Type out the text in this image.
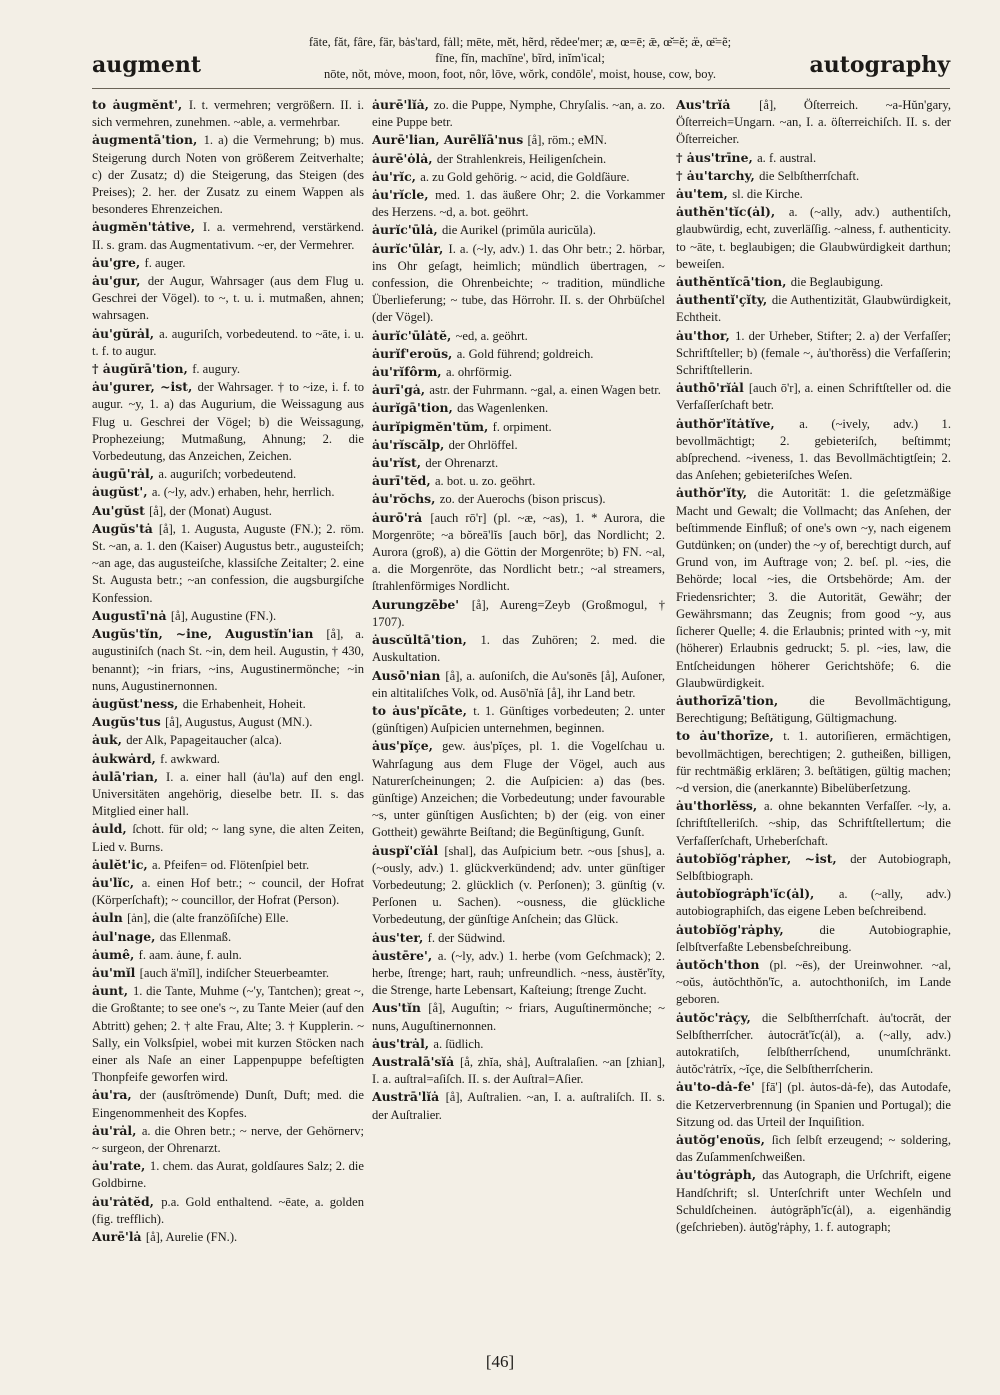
augment
fāte, făt, fâre, fär, bȧs'tard, fȧll; mēte, mĕt, hẽrd, rĕdee'mer; æ, œ=ē; ǣ, œ̆=ĕ; æ̈, œ̈=ẽ;
fīne, fĭn, machīne', bĩrd, inĭm'ical;
nōte, nŏt, mȯve, moon, foot, nôr, lōve, wŏrk, condōle', moist, house, cow, boy.	autography

to ȧugmĕnt', I. t. vermehren; vergrößern. II. i. sich vermehren, zunehmen. ~able, a. vermehrbar.

ȧugmentā'tion, 1. a) die Vermehrung; b) mus. Steigerung durch Noten von größerem Zeitverhalte; c) der Zusatz; d) die Steigerung, das Steigen (des Preises); 2. her. der Zusatz zu einem Wappen als besonderes Ehrenzeichen.

ȧugmĕn'tȧtive, I. a. vermehrend, verstärkend. II. s. gram. das Augmentativum. ~er, der Vermehrer.

ȧu'gre, f. auger.

ȧu'gur, der Augur, Wahrsager (aus dem Flug u. Geschrei der Vögel). to ~, t. u. i. mutmaßen, ahnen; wahrsagen.

ȧu'gŭrȧl, a. auguriſch, vorbedeutend. to ~āte, i. u. t. f. to augur.

† ȧugŭrā'tion, f. augury.

ȧu'gurer, ~ist, der Wahrsager. † to ~ize, i. f. to augur. ~y, 1. a) das Augurium, die Weissagung aus Flug u. Geschrei der Vögel; b) die Weissagung, Prophezeiung; Mutmaßung, Ahnung; 2. die Vorbedeutung, das Anzeichen, Zeichen.

ȧugū'rȧl, a. auguriſch; vorbedeutend.

ȧugŭst', a. (~ly, adv.) erhaben, hehr, herrlich.

Au'gŭst [å], der (Monat) August.

Augŭs'tȧ [å], 1. Augusta, Auguste (FN.); 2. röm. St. ~an, a. 1. den (Kaiser) Augustus betr., augusteiſch; ~an age, das augusteiſche, klassiſche Zeitalter; 2. eine St. Augusta betr.; ~an confession, die augsburgiſche Konfession.

Augustī'nȧ [å], Augustine (FN.).

Augŭs'tĭn, ~ine, Augustĭn'ian [å], a. augustiniſch (nach St. ~in, dem heil. Augustin, † 430, benannt); ~in friars, ~ins, Augustinermönche; ~in nuns, Augustinernonnen.

ȧugŭst'ness, die Erhabenheit, Hoheit.

Augŭs'tus [å], Augustus, August (MN.).

ȧuk, der Alk, Papageitaucher (alca).

ȧukwȧrd, f. awkward.

ȧulā'rian, I. a. einer hall (ȧu'la) auf den engl. Universitäten angehörig, dieselbe betr. II. s. das Mitglied einer hall.

ȧuld, ſchott. für old; ~ lang syne, die alten Zeiten, Lied v. Burns.

ȧulĕt'ic, a. Pfeifen= od. Flötenſpiel betr.

ȧu'lĭc, a. einen Hof betr.; ~ council, der Hofrat (Körperſchaft); ~ councillor, der Hofrat (Person).

ȧuln [ȧn], die (alte franzöſiſche) Elle.

ȧul'nage, das Ellenmaß.

ȧumê, f. aam. ȧune, f. auln.

ȧu'mĭl [auch ä'mĭl], indiſcher Steuerbeamter.

ȧunt, 1. die Tante, Muhme (~'y, Tantchen); great ~, die Großtante; to see one's ~, zu Tante Meier (auf den Abtritt) gehen; 2. † alte Frau, Alte; 3. † Kupplerin. ~ Sally, ein Volksſpiel, wobei mit kurzen Stöcken nach einer als Naſe an einer Lappenpuppe befeſtigten Thonpfeife geworfen wird.

ȧu'ra, der (ausſtrömende) Dunſt, Duft; med. die Eingenommenheit des Kopfes.

ȧu'rȧl, a. die Ohren betr.; ~ nerve, der Gehörnerv; ~ surgeon, der Ohrenarzt.

ȧu'rate, 1. chem. das Aurat, goldſaures Salz; 2. die Goldbirne.

ȧu'rȧtĕd, p.a. Gold enthaltend. ~ēate, a. golden (fig. trefflich).

Aurē'lȧ [å], Aurelie (FN.).

ȧurē'lĭȧ, zo. die Puppe, Nymphe, Chryſalis. ~an, a. zo. eine Puppe betr.

Aurē'lian, Aurēlĭā'nus [å], röm.; eMN.

ȧurē'ȯlȧ, der Strahlenkreis, Heiligenſchein.

ȧu'rĭc, a. zu Gold gehörig. ~ acid, die Goldſäure.

ȧu'rĭcle, med. 1. das äußere Ohr; 2. die Vorkammer des Herzens. ~d, a. bot. geöhrt.

ȧurĭc'ūlȧ, die Aurikel (primŭla auricŭla).

ȧurĭc'ūlȧr, I. a. (~ly, adv.) 1. das Ohr betr.; 2. hörbar, ins Ohr geſagt, heimlich; mündlich übertragen, ~ confession, die Ohrenbeichte; ~ tradition, mündliche Überlieferung; ~ tube, das Hörrohr. II. s. der Ohrbüſchel (der Vögel).

ȧurĭc'ūlȧtĕ, ~ed, a. geöhrt.

ȧurĭf'eroŭs, a. Gold führend; goldreich.

ȧu'rĭfôrm, a. ohrförmig.

ȧurī'gȧ, astr. der Fuhrmann. ~gal, a. einen Wagen betr.

ȧurĭgā'tion, das Wagenlenken.

ȧurĭpigmĕn'tŭm, f. orpiment.

ȧu'rĭscălp, der Ohrlöffel.

ȧu'rĭst, der Ohrenarzt.

ȧurī'tĕd, a. bot. u. zo. geöhrt.

ȧu'rŏchs, zo. der Auerochs (bison priscus).

ȧurō'rȧ [auch rō'r] (pl. ~æ, ~as), 1. * Aurora, die Morgenröte; ~a bŏreā'lĭs [auch bōr], das Nordlicht; 2. Aurora (groß), a) die Göttin der Morgenröte; b) FN. ~al, a. die Morgenröte, das Nordlicht betr.; ~al streamers, ſtrahlenförmiges Nordlicht.

Aurungzēbe' [å], Aureng=Zeyb (Großmogul, † 1707).

ȧuscŭltā'tion, 1. das Zuhören; 2. med. die Auskultation.

Ausō'nian [å], a. auſoniſch, die Au'sonēs [å], Auſoner, ein altitaliſches Volk, od. Ausō'nĭȧ [å], ihr Land betr.

to ȧus'pĭcāte, t. 1. Günſtiges vorbedeuten; 2. unter (günſtigen) Auſpicien unternehmen, beginnen.

ȧus'pĭçe, gew. ȧus'pĭçes, pl. 1. die Vogelſchau u. Wahrſagung aus dem Fluge der Vögel, auch aus Naturerſcheinungen; 2. die Auſpicien: a) das (bes. günſtige) Anzeichen; die Vorbedeutung; under favourable ~s, unter günſtigen Ausſichten; b) der (eig. von einer Gottheit) gewährte Beiſtand; die Begünſtigung, Gunſt.

ȧuspĭ'cĭȧl [shal], das Auſpicium betr. ~ous [shus], a. (~ously, adv.) 1. glückverkündend; adv. unter günſtiger Vorbedeutung; 2. glücklich (v. Perſonen); 3. günſtig (v. Perſonen u. Sachen). ~ousness, die glückliche Vorbedeutung, der günſtige Anſchein; das Glück.

ȧus'ter, f. der Südwind.

ȧustēre', a. (~ly, adv.) 1. herbe (vom Geſchmack); 2. herbe, ſtrenge; hart, rauh; unfreundlich. ~ness, ȧustĕr'ĭty, die Strenge, harte Lebensart, Kaſteiung; ſtrenge Zucht.

Aus'tĭn [å], Auguſtin; ~ friars, Auguſtinermönche; ~ nuns, Auguſtinernonnen.

ȧus'trȧl, a. ſüdlich.

Australā'sĭȧ [å, zhĭa, shȧ], Auſtralaſien. ~an [zhian], I. a. auſtral=aſiſch. II. s. der Auſtral=Aſier.

Austrā'lĭȧ [å], Auſtralien. ~an, I. a. auſtraliſch. II. s. der Auſtralier.

Aus'trĭȧ [å], Öſterreich. ~a-Hŭn'gary, Öſterreich=Ungarn. ~an, I. a. öſterreichiſch. II. s. der Öſterreicher.

† ȧus'trīne, a. f. austral.

† ȧu'tarchy, die Selbſtherrſchaft.

ȧu'tem, sl. die Kirche.

ȧuthĕn'tĭc(ȧl), a. (~ally, adv.) authentiſch, glaubwürdig, echt, zuverläſſig. ~alness, f. authenticity. to ~āte, t. beglaubigen; die Glaubwürdigkeit darthun; beweiſen.

ȧuthĕntĭcā'tion, die Beglaubigung.

ȧuthentĭ'çĭty, die Authentizität, Glaubwürdigkeit, Echtheit.

ȧu'thor, 1. der Urheber, Stifter; 2. a) der Verfaſſer; Schriftſteller; b) (female ~, ȧu'thorĕss) die Verfaſſerin; Schriftſtellerin.

ȧuthō'rĭȧl [auch ō'r], a. einen Schriftſteller od. die Verfaſſerſchaft betr.

ȧuthŏr'ĭtȧtĭve, a. (~ively, adv.) 1. bevollmächtigt; 2. gebieteriſch, beſtimmt; abſprechend. ~iveness, 1. das Bevollmächtigtſein; 2. das Anſehen; gebieteriſches Weſen.

ȧuthŏr'ĭty, die Autorität: 1. die geſetzmäßige Macht und Gewalt; die Vollmacht; das Anſehen, der beſtimmende Einfluß; of one's own ~y, nach eigenem Gutdünken; on (under) the ~y of, berechtigt durch, auf Grund von, im Auftrage von; 2. beſ. pl. ~ies, die Behörde; local ~ies, die Ortsbehörde; Am. der Friedensrichter; 3. die Autorität, Gewähr; der Gewährsmann; das Zeugnis; from good ~y, aus ſicherer Quelle; 4. die Erlaubnis; printed with ~y, mit (höherer) Erlaubnis gedruckt; 5. pl. ~ies, law, die Entſcheidungen höherer Gerichtshöfe; 6. die Glaubwürdigkeit.

ȧuthorīzā'tion, die Bevollmächtigung, Berechtigung; Beſtätigung, Gültigmachung.

to ȧu'thorīze, t. 1. autoriſieren, ermächtigen, bevollmächtigen, berechtigen; 2. gutheißen, billigen, für rechtmäßig erklären; 3. beſtätigen, gültig machen; ~d version, die (anerkannte) Bibelüberſetzung.

ȧu'thorlĕss, a. ohne bekannten Verfaſſer. ~ly, a. ſchriftſtelleriſch. ~ship, das Schriftſtellertum; die Verfaſſerſchaft, Urheberſchaft.

ȧutobĭŏg'rȧpher, ~ist, der Autobiograph, Selbſtbiograph.

ȧutobĭogrȧph'ĭc(ȧl), a. (~ally, adv.) autobiographiſch, das eigene Leben beſchreibend.

ȧutobĭŏg'rȧphy, die Autobiographie, ſelbſtverfaßte Lebensbeſchreibung.

ȧutŏch'thon (pl. ~ēs), der Ureinwohner. ~al, ~oŭs, ȧutŏchthŏn'ĭc, a. autochthoniſch, im Lande geboren.

ȧutŏc'rȧçy, die Selbſtherrſchaft. ȧu'tocrăt, der Selbſtherrſcher. ȧutocrăt'ĭc(ȧl), a. (~ally, adv.) autokratiſch, ſelbſtherrſchend, unumſchränkt. ȧutŏc'rȧtrĭx, ~ĭçe, die Selbſtherrſcherin.

ȧu'to-dȧ-fe' [fā'] (pl. ȧutos-dȧ-fe), das Autodafe, die Ketzerverbrennung (in Spanien und Portugal); die Sitzung od. das Urteil der Inquiſition.

ȧutŏg'enoŭs, ſich ſelbſt erzeugend; ~ soldering, das Zuſammenſchweißen.

ȧu'tȯgrȧph, das Autograph, die Urſchrift, eigene Handſchrift; sl. Unterſchrift unter Wechſeln und Schuldſcheinen. ȧutȯgrăph'ĭc(ȧl), a. eigenhändig (geſchrieben). ȧutŏg'rȧphy, 1. f. autograph;

[46]
